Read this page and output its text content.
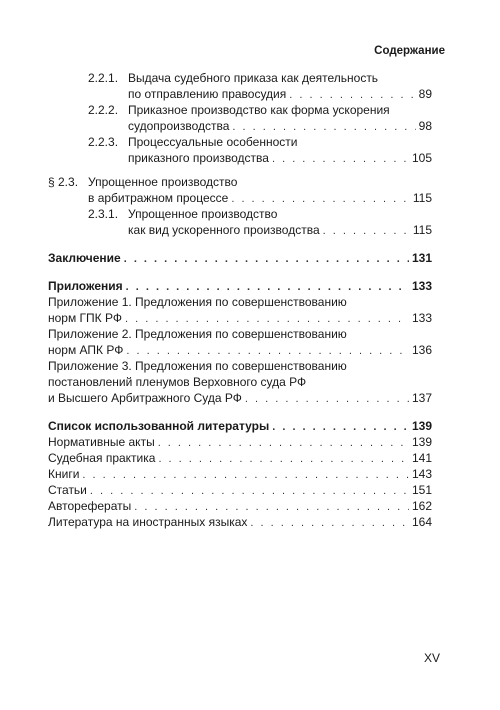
Содержание
2.2.1. Выдача судебного приказа как деятельность
по отправлению правосудия . . .	89
2.2.2. Приказное производство как форма ускорения
судопроизводства . . .	98
2.2.3. Процессуальные особенности
приказного производства . . .	105
§ 2.3. Упрощенное производство
в арбитражном процессе . . .	115
2.3.1. Упрощенное производство
как вид ускоренного производства . . .	115
Заключение . . .	131
Приложения . . .	133
Приложение 1. Предложения по совершенствованию
норм ГПК РФ . . .	133
Приложение 2. Предложения по совершенствованию
норм АПК РФ . . .	136
Приложение 3. Предложения по совершенствованию
постановлений пленумов Верховного суда РФ
и Высшего Арбитражного Суда РФ . . .	137
Список использованной литературы . . .	139
Нормативные акты . . .	139
Судебная практика . . .	141
Книги . . .	143
Статьи . . .	151
Авторефераты . . .	162
Литература на иностранных языках . . .	164
XV
